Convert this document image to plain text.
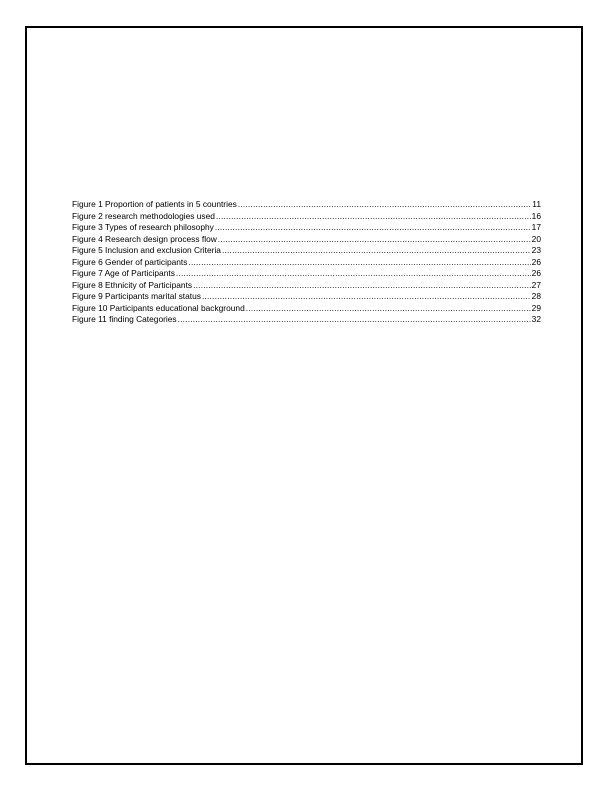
Figure 1 Proportion of patients in 5 countries .....	11
Figure 2 research methodologies used .....	16
Figure 3 Types of research philosophy .....	17
Figure 4 Research design process flow .....	20
Figure 5 Inclusion and exclusion Criteria .....	23
Figure 6 Gender of participants .....	26
Figure 7 Age of Participants .....	26
Figure 8 Ethnicity of Participants .....	27
Figure 9 Participants marital status .....	28
Figure 10 Participants educational background .....	29
Figure 11 finding Categories .....	32
